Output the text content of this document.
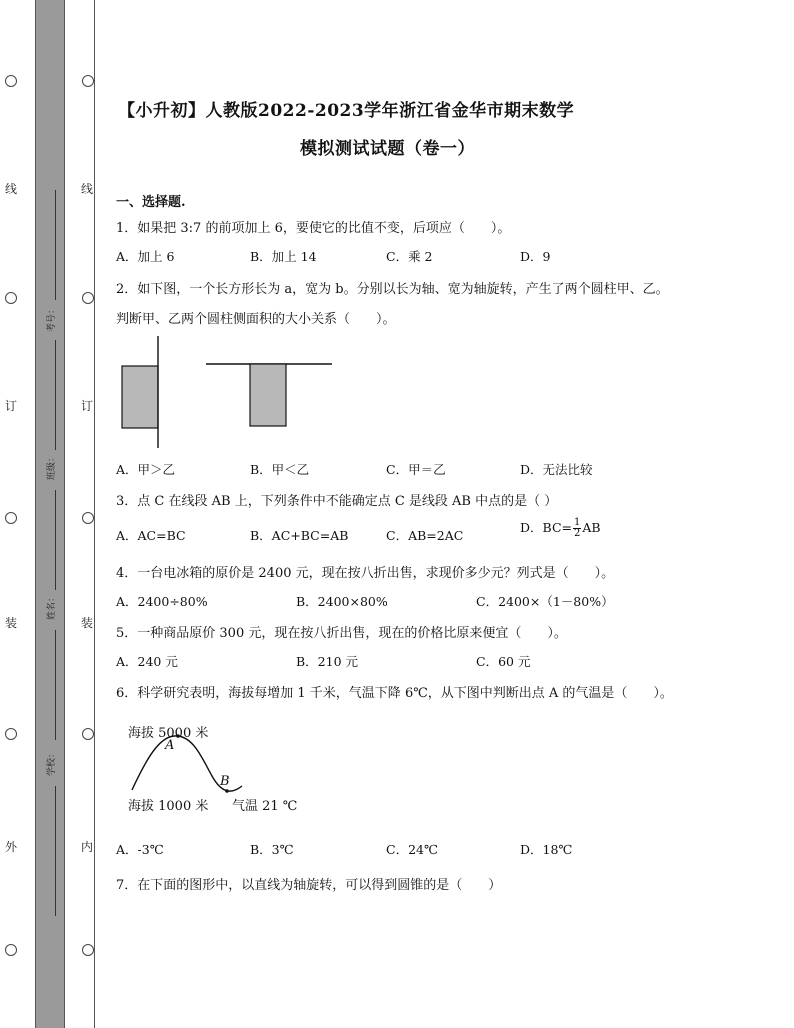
线
订
装
外
线
订
装
内
考号：
班级：
姓名：
学校：
【小升初】人教版2022-2023学年浙江省金华市期末数学
模拟测试试题（卷一）
一、选择题.
1．如果把 3:7 的前项加上 6，要使它的比值不变，后项应（　　）。
A．加上 6	B．加上 14	C．乘 2	D．9
2．如下图，一个长方形长为 a，宽为 b。分别以长为轴、宽为轴旋转，产生了两个圆柱甲、乙。
判断甲、乙两个圆柱侧面积的大小关系（　　）。
A．甲＞乙	B．甲＜乙	C．甲＝乙	D．无法比较
3．点 C 在线段 AB 上，下列条件中不能确定点 C 是线段 AB 中点的是（ ）
A．AC=BC	B．AC+BC=AB	C．AB=2AC
D．$BC= \frac{1}{2}$ AB
4．一台电冰箱的原价是 2400 元，现在按八折出售，求现价多少元？列式是（　　）。
A．2400÷80%	B．2400×80%	C．2400×（1－80%）
5．一种商品原价 300 元，现在按八折出售，现在的价格比原来便宜（　　）。
A．240 元	B．210 元	C．60 元
6．科学研究表明，海拔每增加 1 千米，气温下降 6℃，从下图中判断出点 A 的气温是（　　）。
海拔 5000 米
A
B
海拔 1000 米 气温 21 ℃
A．-3℃	B．3℃	C．24℃	D．18℃
7．在下面的图形中，以直线为轴旋转，可以得到圆锥的是（　　）
